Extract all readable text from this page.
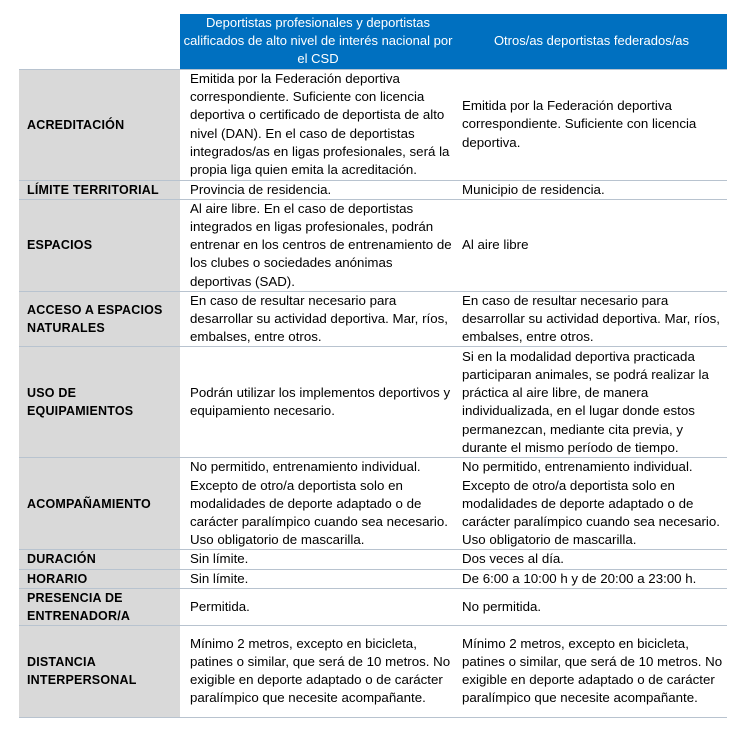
	Deportistas profesionales y deportistas calificados de alto nivel de interés nacional por el CSD	Otros/as deportistas federados/as
ACREDITACIÓN	Emitida por la Federación deportiva correspondiente. Suficiente con licencia deportiva o certificado de deportista de alto nivel (DAN). En el caso de deportistas integrados/as en ligas profesionales, será la propia liga quien emita la acreditación.	Emitida por la Federación deportiva correspondiente. Suficiente con licencia deportiva.
LÍMITE TERRITORIAL	Provincia de residencia.	Municipio de residencia.
ESPACIOS	Al aire libre. En el caso de deportistas integrados en ligas profesionales, podrán entrenar en los centros de entrenamiento de los clubes o sociedades anónimas deportivas (SAD).	Al aire libre
ACCESO A ESPACIOS NATURALES	En caso de resultar necesario para desarrollar su actividad deportiva. Mar, ríos, embalses, entre otros.	En caso de resultar necesario para desarrollar su actividad deportiva. Mar, ríos, embalses, entre otros.
USO DE EQUIPAMIENTOS	Podrán utilizar los implementos deportivos y equipamiento necesario.	Si en la modalidad deportiva practicada participaran animales, se podrá realizar la práctica al aire libre, de manera individualizada, en el lugar donde estos permanezcan, mediante cita previa, y durante el mismo período de tiempo.
ACOMPAÑAMIENTO	No permitido, entrenamiento individual. Excepto de otro/a deportista solo en modalidades de deporte adaptado o de carácter paralímpico cuando sea necesario. Uso obligatorio de mascarilla.	No permitido, entrenamiento individual. Excepto de otro/a deportista solo en modalidades de deporte adaptado o de carácter paralímpico cuando sea necesario. Uso obligatorio de mascarilla.
DURACIÓN	Sin límite.	Dos veces al día.
HORARIO	Sin límite.	De 6:00 a 10:00 h y de 20:00 a 23:00 h.
PRESENCIA DE ENTRENADOR/A	Permitida.	No permitida.
DISTANCIA INTERPERSONAL	Mínimo 2 metros, excepto en bicicleta, patines o similar, que será de 10 metros. No exigible en deporte adaptado o de carácter paralímpico que necesite acompañante.	Mínimo 2 metros, excepto en bicicleta, patines o similar, que será de 10 metros. No exigible en deporte adaptado o de carácter paralímpico que necesite acompañante.
